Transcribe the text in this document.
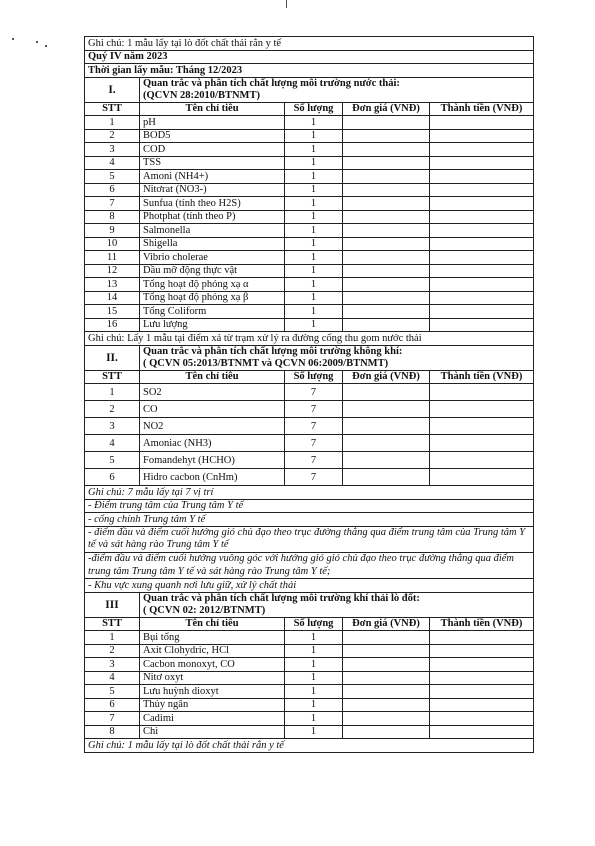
Ghi chú: 1 mẫu lấy tại lò đốt chất thải rắn y tế				
Quý IV năm 2023				
Thời gian lấy mẫu: Tháng 12/2023				
I.	Quan trắc và phân tích chất lượng môi trường nước thải:
(QCVN 28:2010/BTNMT)			

STT	Tên chỉ tiêu	Số lượng	Đơn giá (VNĐ)	Thành tiền (VNĐ)
1	pH	1		
2	BOD5	1		
3	COD	1		
4	TSS	1		
5	Amoni (NH4+)	1		
6	Nitơrat (NO3-)	1		
7	Sunfua (tính theo H2S)	1		
8	Photphat (tính theo P)	1		
9	Salmonella	1		
10	Shigella	1		
11	Vibrio cholerae	1		
12	Dầu mỡ động thực vật	1		
13	Tổng hoạt độ phóng xạ α	1		
14	Tổng hoạt độ phóng xạ β	1		
15	Tổng Coliform	1		
16	Lưu lượng	1		
Ghi chú: Lấy 1 mẫu tại điểm xả từ trạm xử lý ra đường cống thu gom nước thải				
II.	Quan trắc và phân tích chất lượng môi trường không khí:
( QCVN 05:2013/BTNMT và QCVN 06:2009/BTNMT)			

STT	Tên chỉ tiêu	Số lượng	Đơn giá (VNĐ)	Thành tiền (VNĐ)
1	SO2	7		
2	CO	7		
3	NO2	7		
4	Amoniac (NH3)	7		
5	Fomandehyt (HCHO)	7		
6	Hidro cacbon (CnHm)	7		
Ghi chú: 7 mẫu lấy tại 7 vị trí				
- Điểm trung tâm của Trung tâm Y tế				
- cổng chính Trung tâm Y tế				
- điểm đầu và điểm cuối hướng gió chủ đạo theo trục đường thẳng qua điểm trung tâm của Trung tâm Y tế và sát hàng rào Trung tâm Y tế				
-điểm đầu và điểm cuối hướng vuông góc với hướng gió gió chủ đạo theo trục đường thẳng qua điểm trung tâm Trung tâm Y tế và sát hàng rào Trung tâm Y tế;				
- Khu vực xung quanh nơi lưu giữ, xử lý chất thải				
III	Quan trắc và phân tích chất lượng môi trường khí thải lò đốt:
( QCVN 02: 2012/BTNMT)			

STT	Tên chỉ tiêu	Số lượng	Đơn giá (VNĐ)	Thành tiền (VNĐ)
1	Bụi tổng	1		
2	Axit Clohydric, HCl	1		
3	Cacbon monoxyt, CO	1		
4	Nitơ oxyt	1		
5	Lưu huỳnh dioxyt	1		
6	Thủy ngân	1		
7	Cadimi	1		
8	Chì	1		
Ghi chú: 1 mẫu lấy tại lò đốt chất thải rắn y tế				
